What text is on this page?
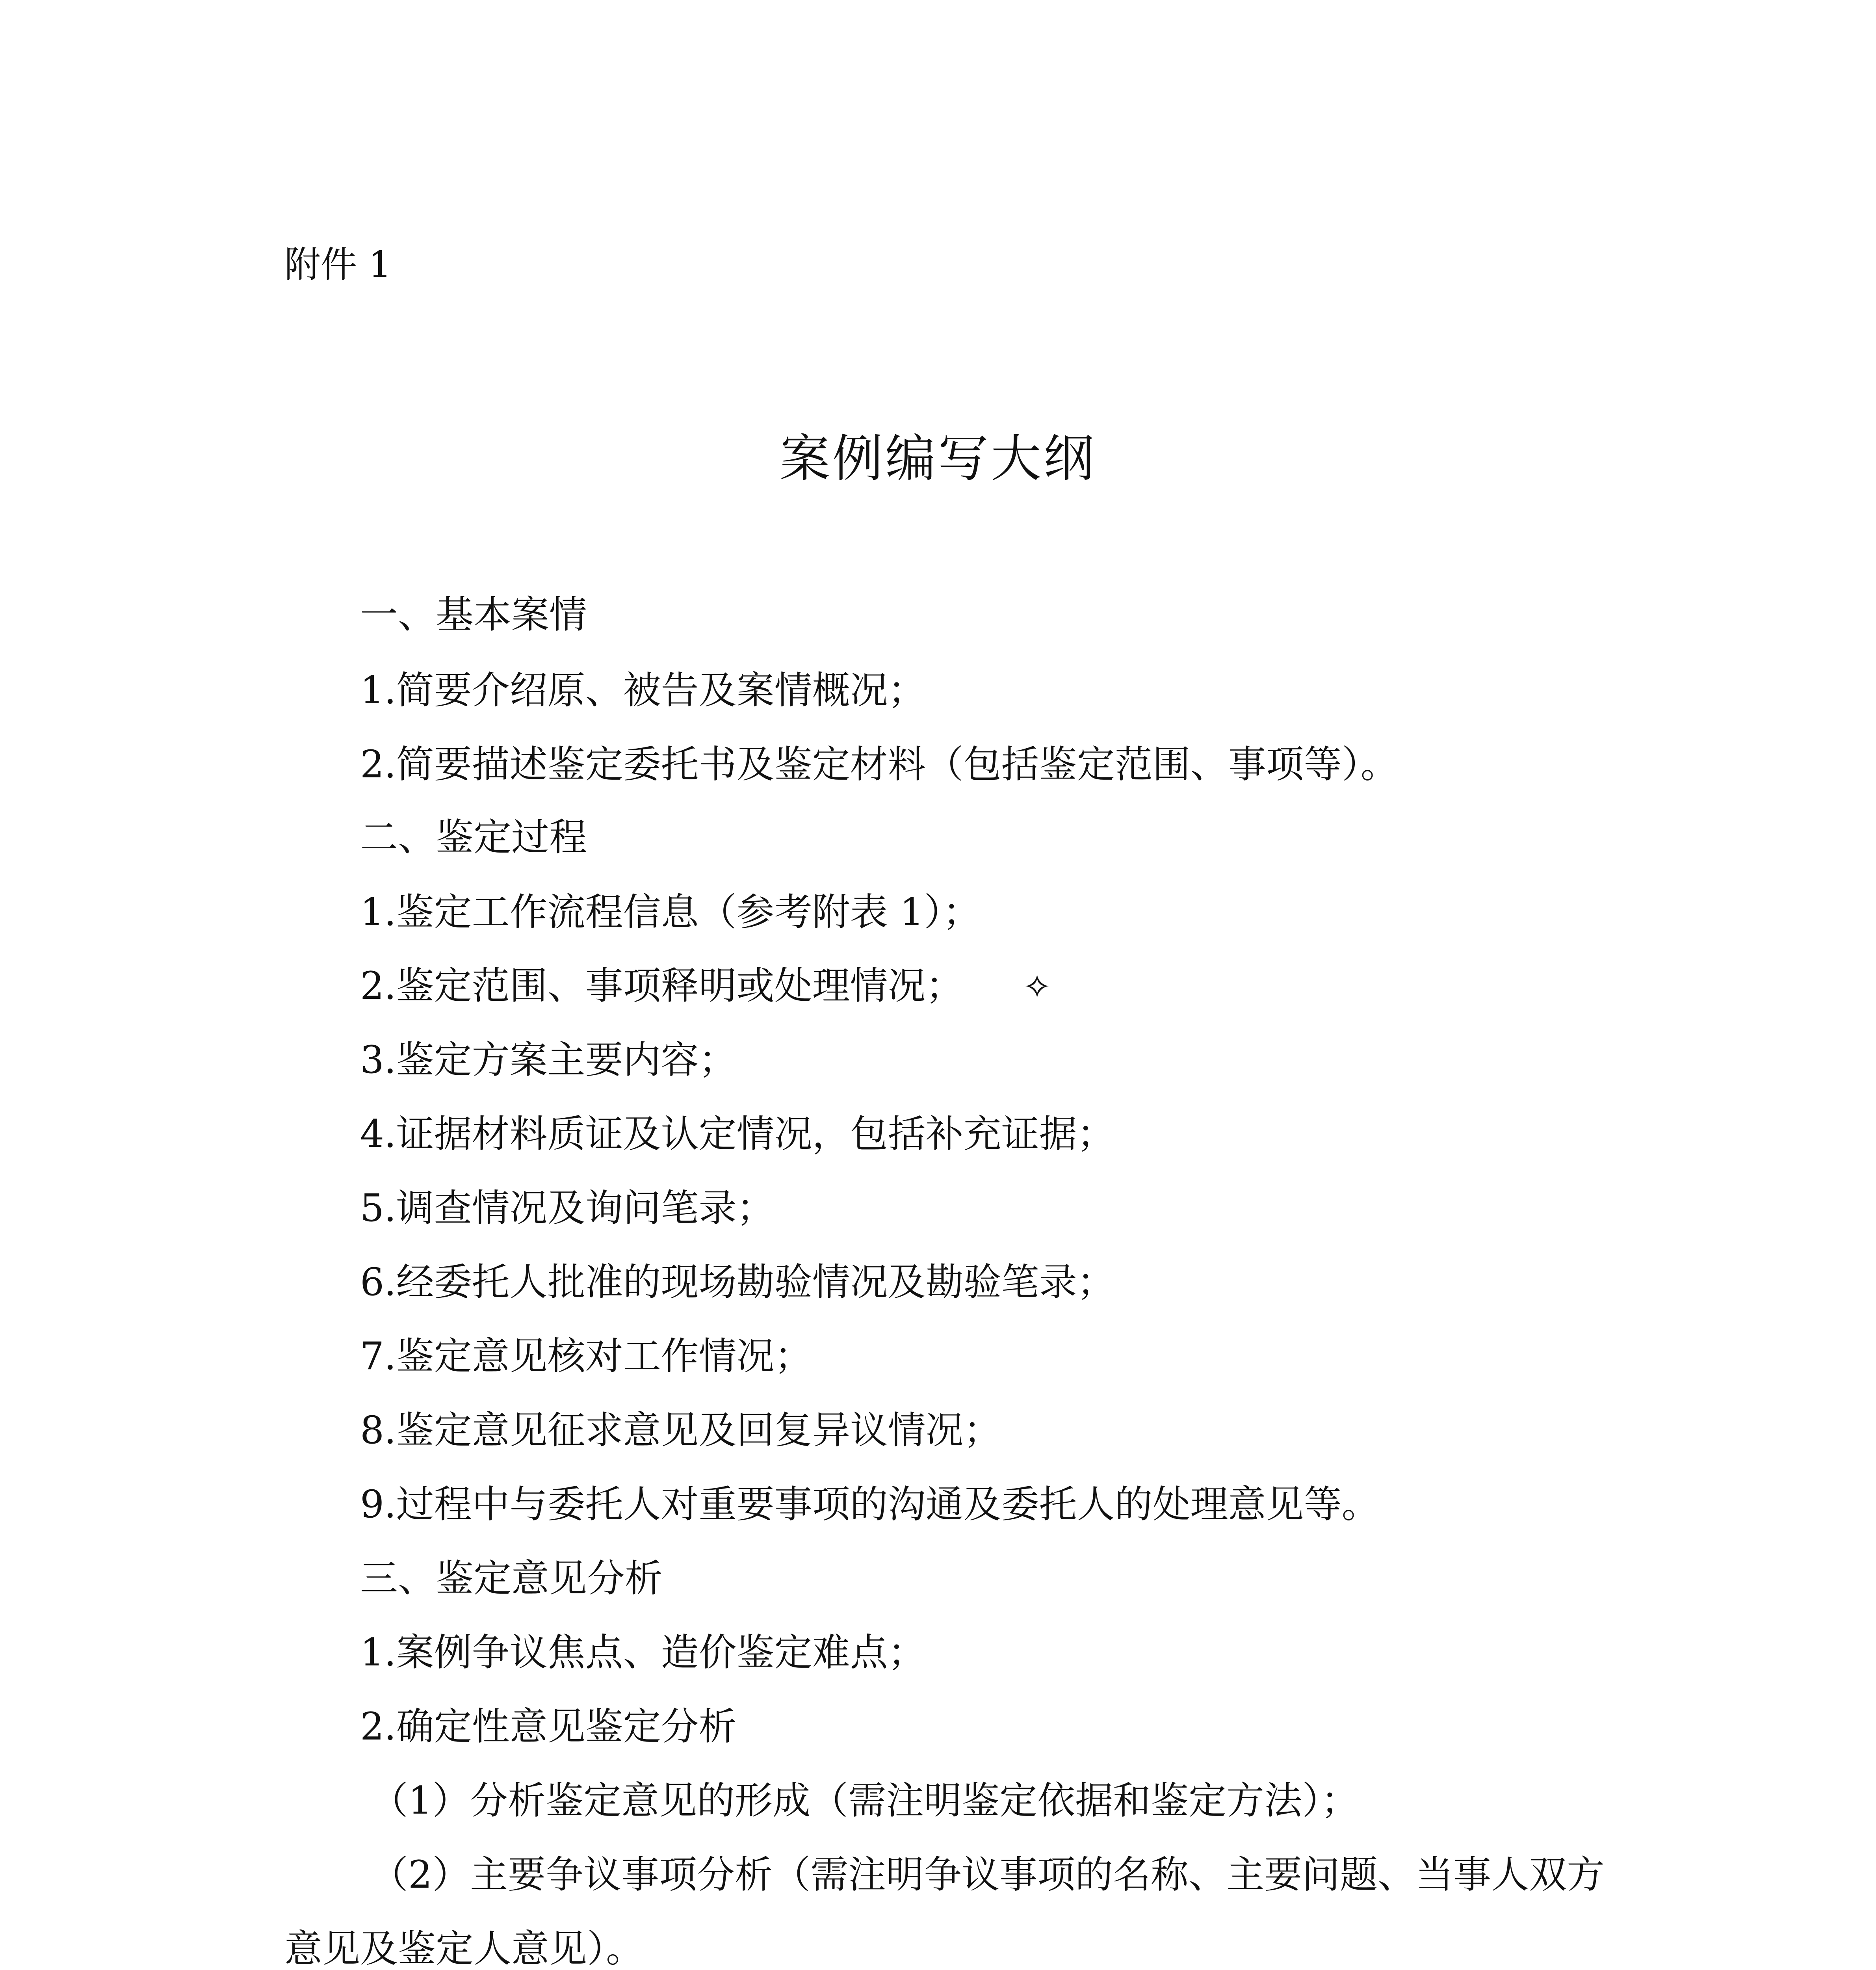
附件 1
案例编写大纲
一、基本案情
1.简要介绍原、被告及案情概况；
2.简要描述鉴定委托书及鉴定材料（包括鉴定范围、事项等）。
二、鉴定过程
1.鉴定工作流程信息（参考附表 1）；
2.鉴定范围、事项释明或处理情况； ✧
3.鉴定方案主要内容；
4.证据材料质证及认定情况，包括补充证据；
5.调查情况及询问笔录；
6.经委托人批准的现场勘验情况及勘验笔录；
7.鉴定意见核对工作情况；
8.鉴定意见征求意见及回复异议情况；
9.过程中与委托人对重要事项的沟通及委托人的处理意见等。
三、鉴定意见分析
1.案例争议焦点、造价鉴定难点；
2.确定性意见鉴定分析
（1）分析鉴定意见的形成（需注明鉴定依据和鉴定方法）；
（2）主要争议事项分析（需注明争议事项的名称、主要问题、当事人双方
意见及鉴定人意见）。
